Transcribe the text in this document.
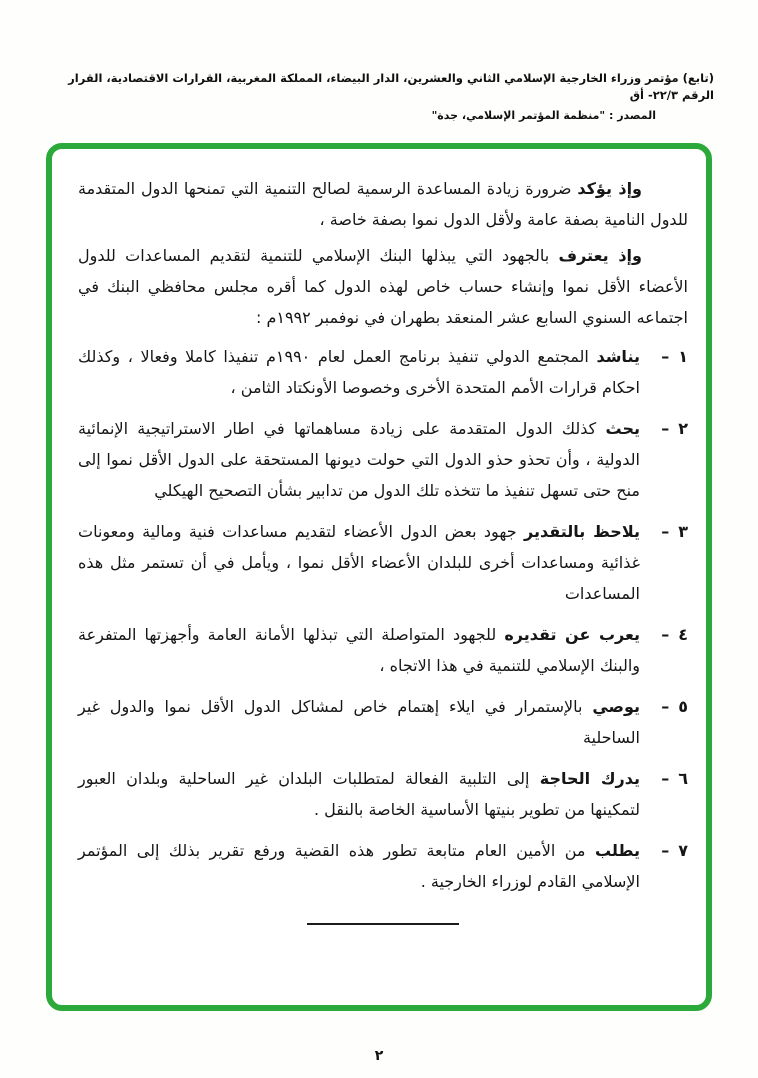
(تابع) مؤتمر وزراء الخارجية الإسلامي الثاني والعشرين، الدار البيضاء، المملكة المغربية، القرارات الاقتصادية، القرار الرقم ٢٢/٣- أق
المصدر : "منظمة المؤتمر الإسلامي، جدة"

وإذ يؤكد ضرورة زيادة المساعدة الرسمية لصالح التنمية التي تمنحها الدول المتقدمة للدول النامية بصفة عامة ولأقل الدول نموا بصفة خاصة ،

وإذ يعترف بالجهود التي يبذلها البنك الإسلامي للتنمية لتقديم المساعدات للدول الأعضاء الأقل نموا وإنشاء حساب خاص لهذه الدول كما أقره مجلس محافظي البنك في اجتماعه السنوي السابع عشر المنعقد بطهران في نوفمبر ١٩٩٢م :

١–
يناشد المجتمع الدولي تنفيذ برنامج العمل لعام ١٩٩٠م تنفيذا كاملا وفعالا ، وكذلك احكام قرارات الأمم المتحدة الأخرى وخصوصا الأونكتاد الثامن ،
٢–
يحث كذلك الدول المتقدمة على زيادة مساهماتها في اطار الاستراتيجية الإنمائية الدولية ، وأن تحذو حذو الدول التي حولت ديونها المستحقة على الدول الأقل نموا إلى منح حتى تسهل تنفيذ ما تتخذه تلك الدول من تدابير بشأن التصحيح الهيكلي
٣–
يلاحظ بالتقدير جهود بعض الدول الأعضاء لتقديم مساعدات فنية ومالية ومعونات غذائية ومساعدات أخرى للبلدان الأعضاء الأقل نموا ، ويأمل في أن تستمر مثل هذه المساعدات
٤–
يعرب عن تقديره للجهود المتواصلة التي تبذلها الأمانة العامة وأجهزتها المتفرعة والبنك الإسلامي للتنمية في هذا الاتجاه ،
٥–
يوصي بالإستمرار في ايلاء إهتمام خاص لمشاكل الدول الأقل نموا والدول غير الساحلية
٦–
يدرك الحاجة إلى التلبية الفعالة لمتطلبات البلدان غير الساحلية وبلدان العبور لتمكينها من تطوير بنيتها الأساسية الخاصة بالنقل .
٧–
يطلب من الأمين العام متابعة تطور هذه القضية ورفع تقرير بذلك إلى المؤتمر الإسلامي القادم لوزراء الخارجية .
٢
